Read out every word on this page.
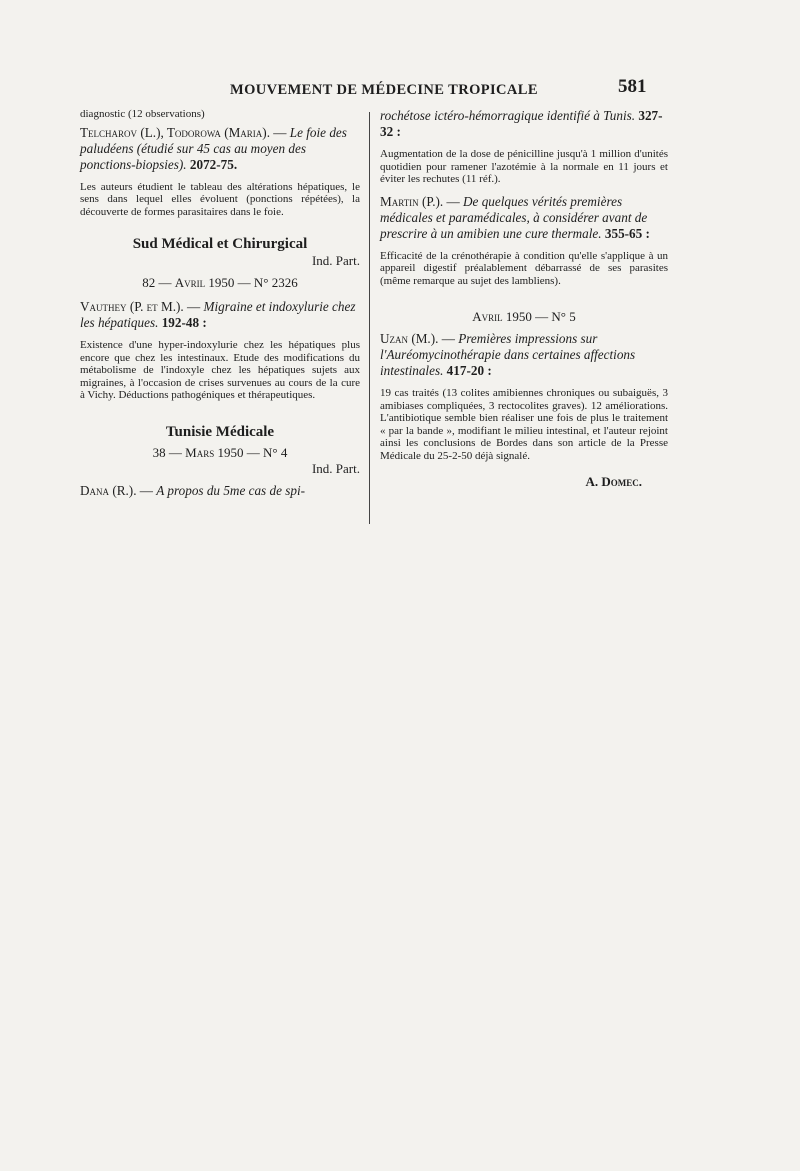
MOUVEMENT DE MÉDECINE TROPICALE	581

diagnostic (12 observations)

Telcharov (L.), Todorowa (Maria). — Le foie des paludéens (étudié sur 45 cas au moyen des ponctions-biopsies). 2072-75.

Les auteurs étudient le tableau des altérations hépatiques, le sens dans lequel elles évoluent (ponctions répétées), la découverte de formes parasitaires dans le foie.

Sud Médical et Chirurgical

Ind. Part.

82 — Avril 1950 — N° 2326

Vauthey (P. et M.). — Migraine et indoxylurie chez les hépatiques. 192-48 :

Existence d'une hyper-indoxylurie chez les hépatiques plus encore que chez les intestinaux. Etude des modifications du métabolisme de l'indoxyle chez les hépatiques sujets aux migraines, à l'occasion de crises survenues au cours de la cure à Vichy. Déductions pathogéniques et thérapeutiques.

Tunisie Médicale

38 — Mars 1950 — N° 4

Ind. Part.

Dana (R.). — A propos du 5me cas de spi-

rochétose ictéro-hémorragique identifié à Tunis. 327-32 :

Augmentation de la dose de pénicilline jusqu'à 1 million d'unités quotidien pour ramener l'azotémie à la normale en 11 jours et éviter les rechutes (11 réf.).

Martin (P.). — De quelques vérités premières médicales et paramédicales, à considérer avant de prescrire à un amibien une cure thermale. 355-65 :

Efficacité de la crénothérapie à condition qu'elle s'applique à un appareil digestif préalablement débarrassé de ses parasites (même remarque au sujet des lambliens).

Avril 1950 — N° 5

Uzan (M.). — Premières impressions sur l'Auréomycinothérapie dans certaines affections intestinales. 417-20 :

19 cas traités (13 colites amibiennes chroniques ou subaiguës, 3 amibiases compliquées, 3 rectocolites graves). 12 améliorations. L'antibiotique semble bien réaliser une fois de plus le traitement « par la bande », modifiant le milieu intestinal, et l'auteur rejoint ainsi les conclusions de Bordes dans son article de la Presse Médicale du 25-2-50 déjà signalé.

A. Domec.
